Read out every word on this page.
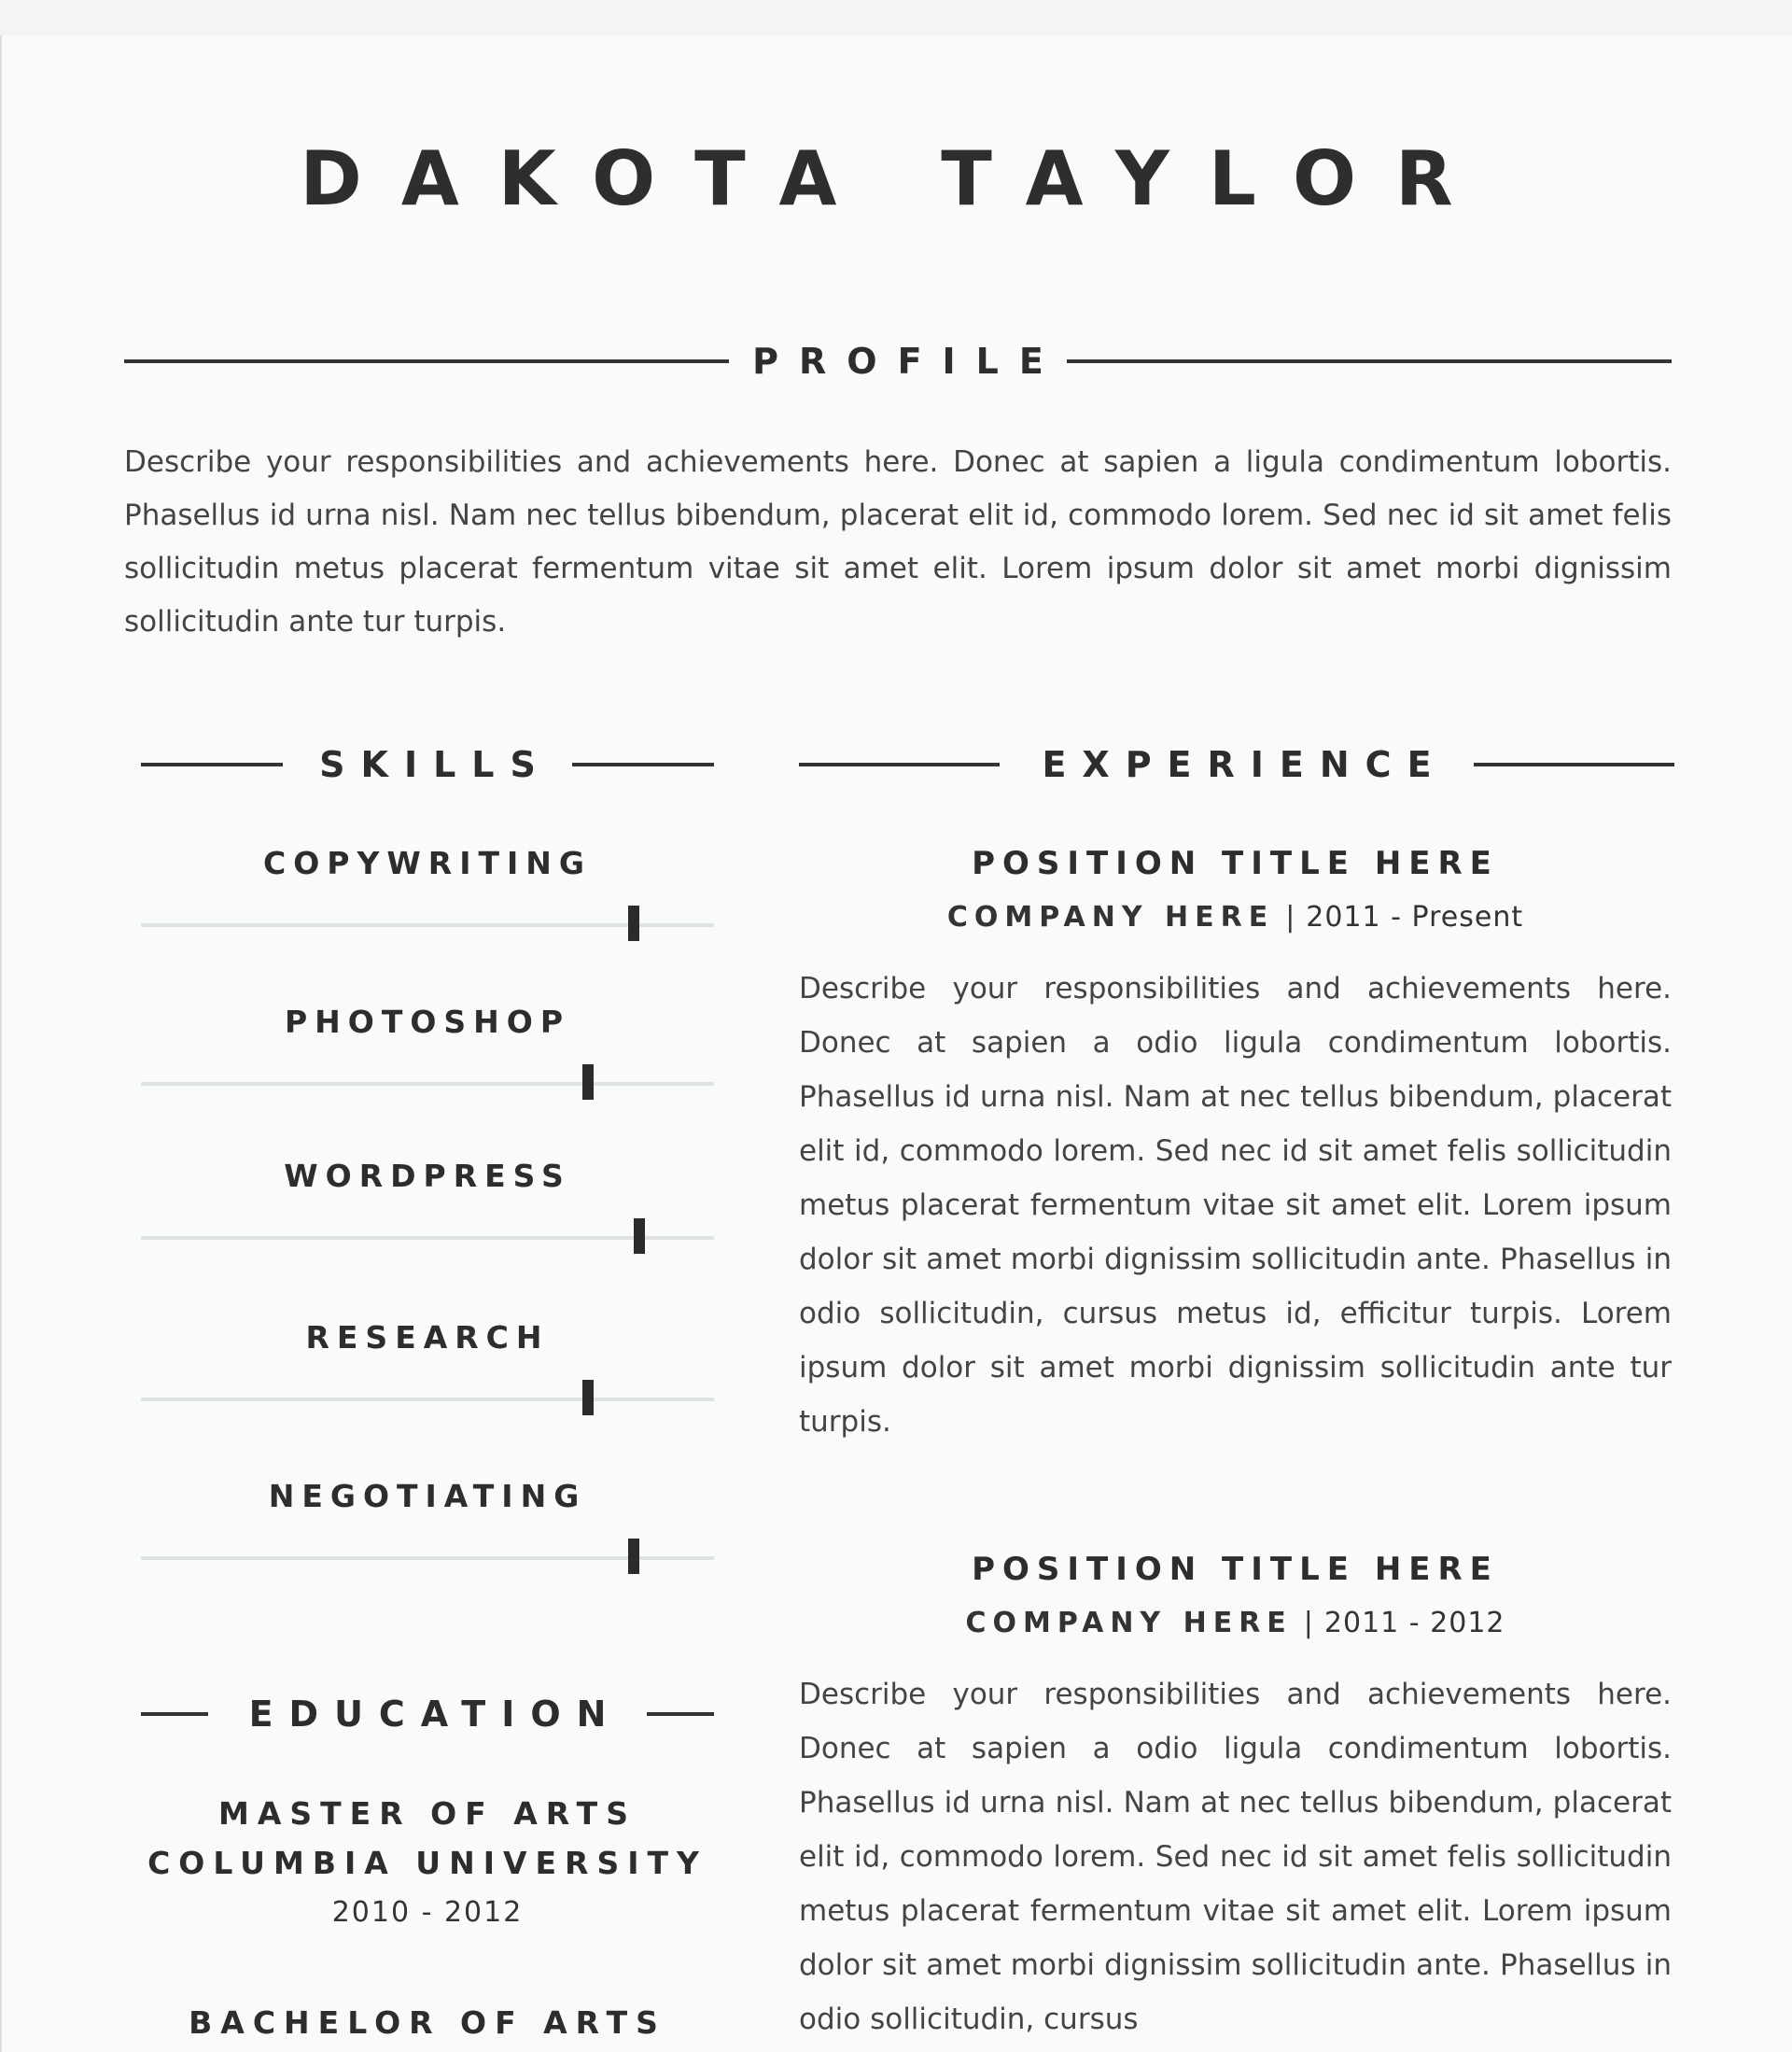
DAKOTA TAYLOR
PROFILE
Describe your responsibilities and achievements here. Donec at sapien a ligula condimentum lobortis. Phasellus id urna nisl. Nam nec tellus bibendum, placerat elit id, commodo lorem. Sed nec id sit amet felis sollicitudin metus placerat fermentum vitae sit amet elit. Lorem ipsum dolor sit amet morbi dignissim sollicitudin ante tur turpis.
SKILLS
COPYWRITING
PHOTOSHOP
WORDPRESS
RESEARCH
NEGOTIATING
EDUCATION
MASTER OF ARTS
COLUMBIA UNIVERSITY
2010 - 2012
BACHELOR OF ARTS
EXPERIENCE
POSITION TITLE HERE
COMPANY HERE | 2011 - Present
Describe your responsibilities and achievements here. Donec at sapien a odio ligula condimentum lobortis. Phasellus id urna nisl. Nam at nec tellus bibendum, placerat elit id, commodo lorem. Sed nec id sit amet felis sollicitudin metus placerat fermentum vitae sit amet elit. Lorem ipsum dolor sit amet morbi dignissim sollicitudin ante. Phasellus in odio sollicitudin, cursus metus id, efficitur turpis. Lorem ipsum dolor sit amet morbi dignissim sollicitudin ante tur turpis.
POSITION TITLE HERE
COMPANY HERE | 2011 - 2012
Describe your responsibilities and achievements here. Donec at sapien a odio ligula condimentum lobortis. Phasellus id urna nisl. Nam at nec tellus bibendum, placerat elit id, commodo lorem. Sed nec id sit amet felis sollicitudin metus placerat fermentum vitae sit amet elit. Lorem ipsum dolor sit amet morbi dignissim sollicitudin ante. Phasellus in odio sollicitudin, cursus
